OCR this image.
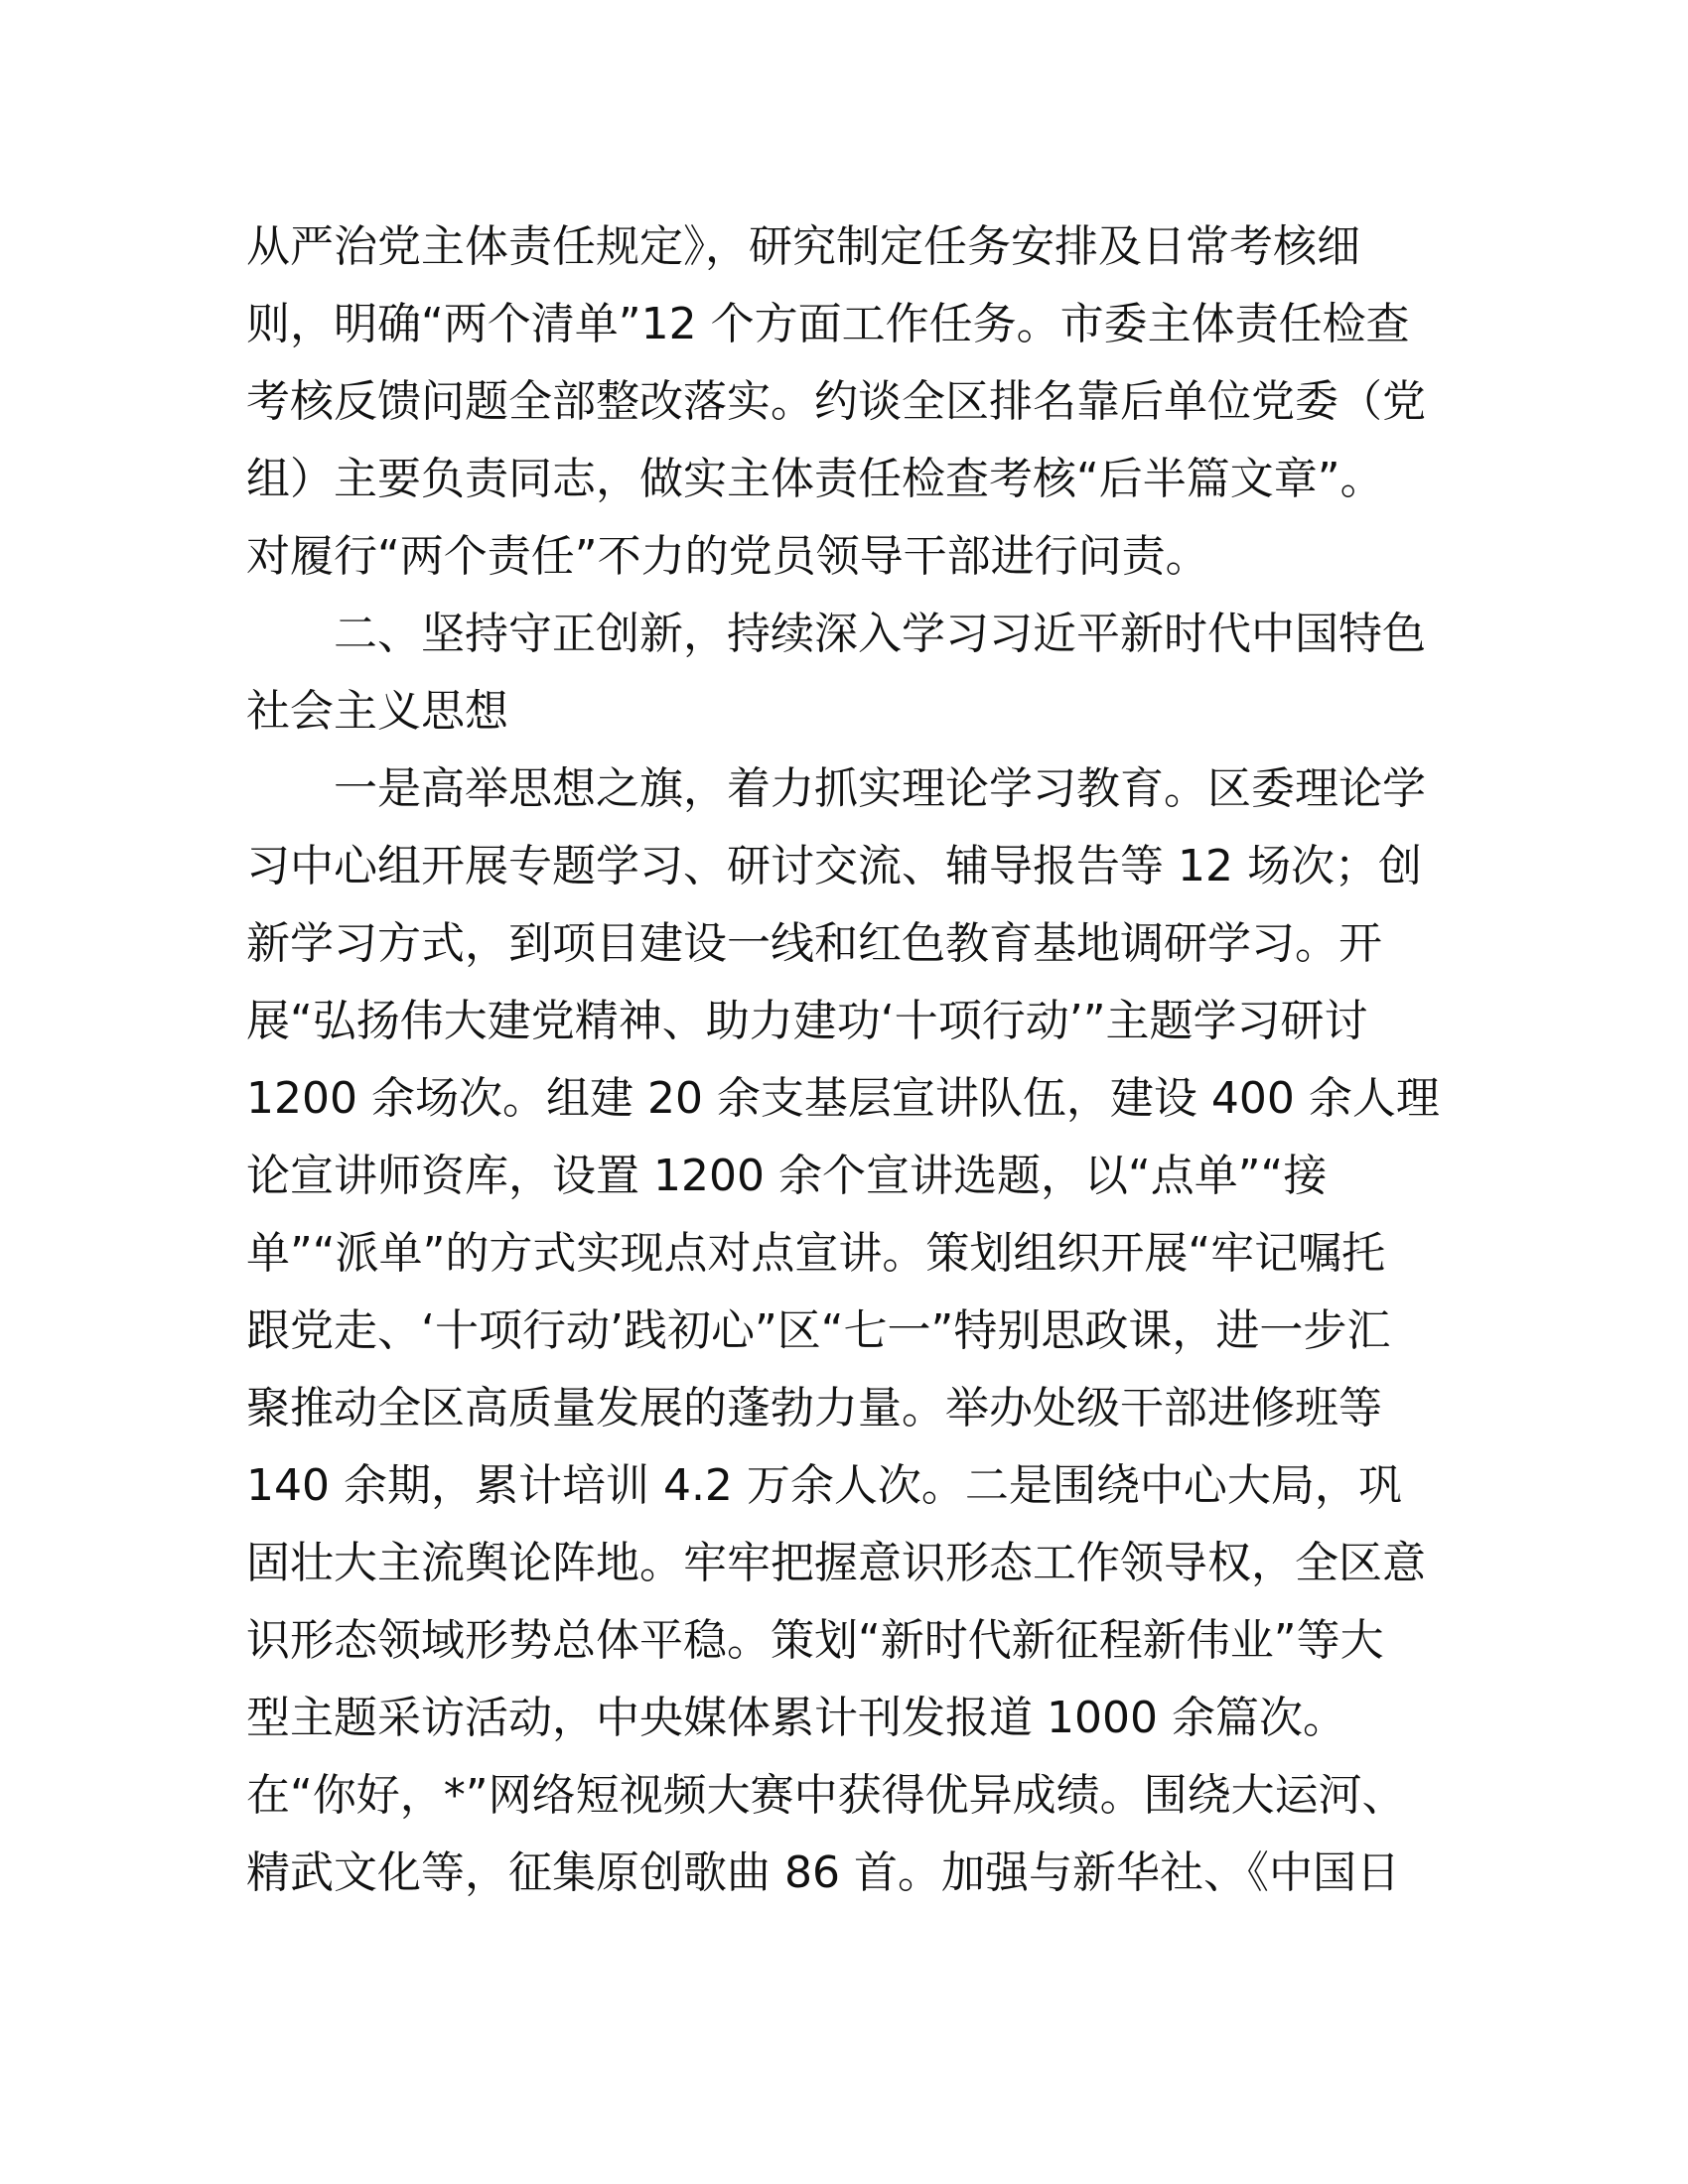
从严治党主体责任规定》，研究制定任务安排及日常考核细
则，明确“两个清单”12 个方面工作任务。市委主体责任检查
考核反馈问题全部整改落实。约谈全区排名靠后单位党委（党
组）主要负责同志，做实主体责任检查考核“后半篇文章”。
对履行“两个责任”不力的党员领导干部进行问责。
二、坚持守正创新，持续深入学习习近平新时代中国特色
社会主义思想
一是高举思想之旗，着力抓实理论学习教育。区委理论学
习中心组开展专题学习、研讨交流、辅导报告等 12 场次；创
新学习方式，到项目建设一线和红色教育基地调研学习。开
展“弘扬伟大建党精神、助力建功‘十项行动’”主题学习研讨
1200 余场次。组建 20 余支基层宣讲队伍，建设 400 余人理
论宣讲师资库，设置 1200 余个宣讲选题，以“点单”“接
单”“派单”的方式实现点对点宣讲。策划组织开展“牢记嘱托
跟党走、‘十项行动’践初心”区“七一”特别思政课，进一步汇
聚推动全区高质量发展的蓬勃力量。举办处级干部进修班等
140 余期，累计培训 4.2 万余人次。二是围绕中心大局，巩
固壮大主流舆论阵地。牢牢把握意识形态工作领导权，全区意
识形态领域形势总体平稳。策划“新时代新征程新伟业”等大
型主题采访活动，中央媒体累计刊发报道 1000 余篇次。
在“你好，*”网络短视频大赛中获得优异成绩。围绕大运河、
精武文化等，征集原创歌曲 86 首。加强与新华社、《中国日
